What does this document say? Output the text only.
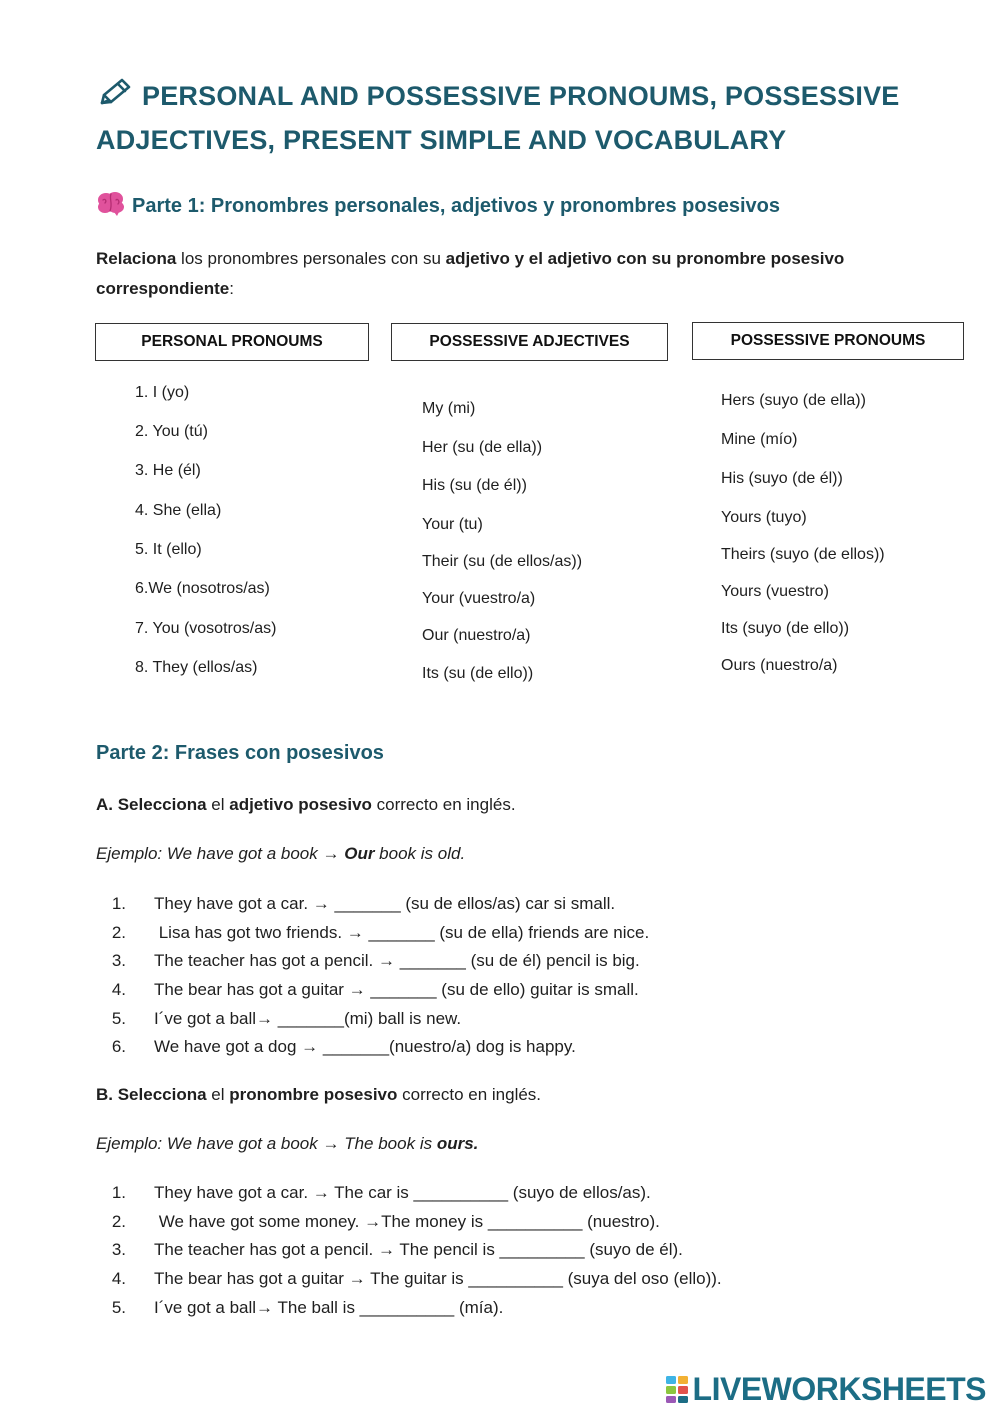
PERSONAL AND POSSESSIVE PRONOUMS, POSSESSIVE ADJECTIVES, PRESENT SIMPLE AND VOCABULARY
Parte 1: Pronombres personales, adjetivos y pronombres posesivos

Relaciona los pronombres personales con su adjetivo y el adjetivo con su pronombre posesivo correspondiente:

PERSONAL PRONOUMS	POSSESSIVE ADJECTIVES	POSSESSIVE PRONOUMS
1. I (yo)
2. You (tú)
3. He (él)
4. She (ella)
5. It (ello)
6.We (nosotros/as)
7. You (vosotros/as)
8. They (ellos/as)
My (mi)
Her (su (de ella))
His (su (de él))
Your (tu)
Their (su (de ellos/as))
Your (vuestro/a)
Our (nuestro/a)
Its (su (de ello))
Hers (suyo (de ella))
Mine (mío)
His (suyo (de él))
Yours (tuyo)
Theirs (suyo (de ellos))
Yours (vuestro)
Its (suyo (de ello))
Ours (nuestro/a)
Parte 2: Frases con posesivos

A. Selecciona el adjetivo posesivo correcto en inglés.

Ejemplo: We have got a book → Our book is old.

1. They have got a car. → _______ (su de ellos/as) car si small.
2. Lisa has got two friends. → _______ (su de ella) friends are nice.
3. The teacher has got a pencil. → _______ (su de él) pencil is big.
4. The bear has got a guitar → _______ (su de ello) guitar is small.
5. I´ve got a ball→ _______(mi) ball is new.
6. We have got a dog → _______(nuestro/a) dog is happy.

B. Selecciona el pronombre posesivo correcto en inglés.

Ejemplo: We have got a book → The book is ours.

1. They have got a car. → The car is __________ (suyo de ellos/as).
2. We have got some money. →The money is __________ (nuestro).
3. The teacher has got a pencil. → The pencil is _________ (suyo de él).
4. The bear has got a guitar → The guitar is __________ (suya del oso (ello)).
5. I´ve got a ball→ The ball is __________ (mía).
LIVEWORKSHEETS
